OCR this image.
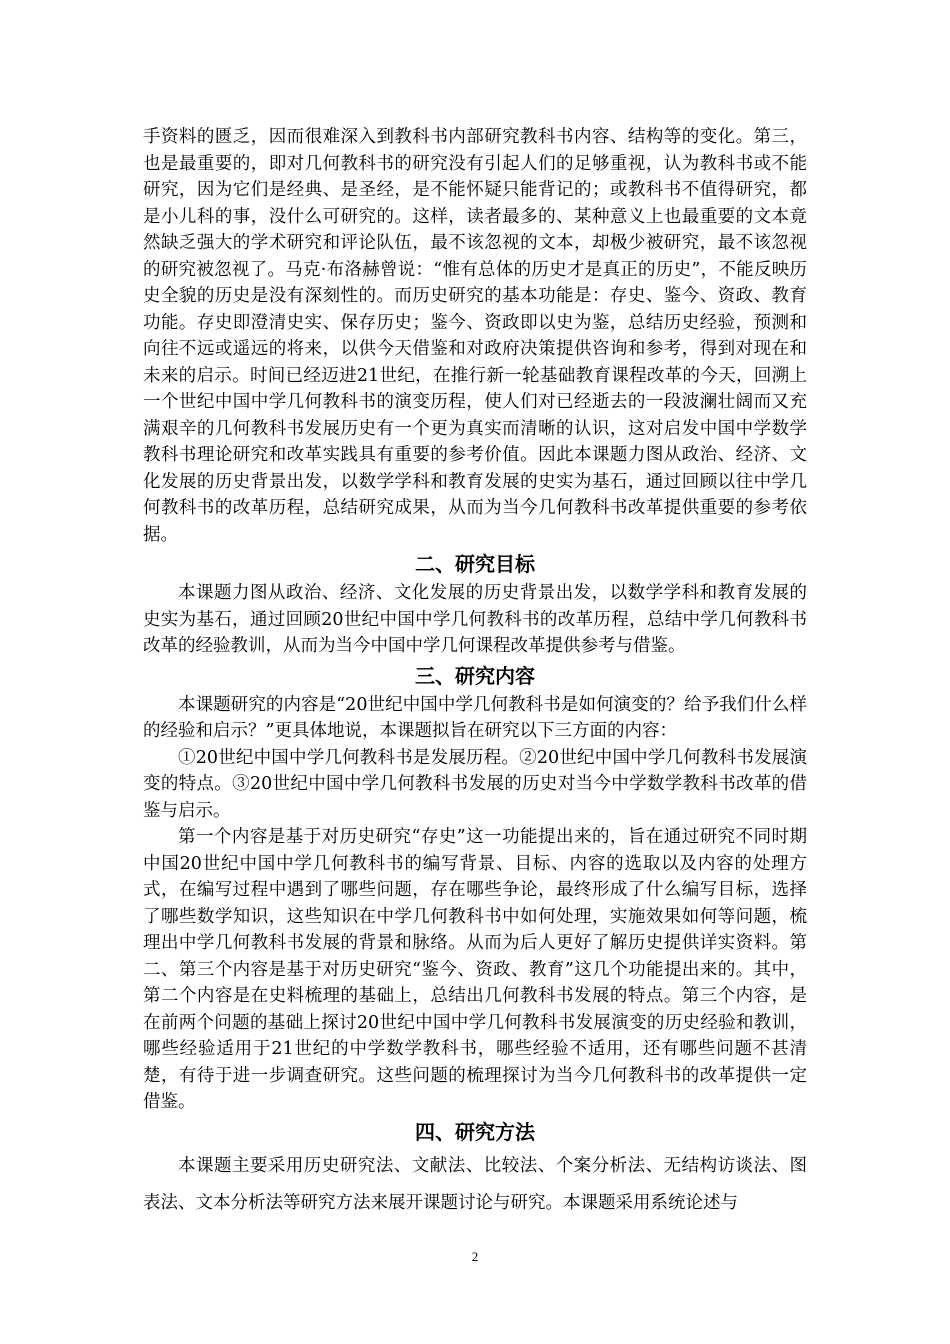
手资料的匮乏，因而很难深入到教科书内部研究教科书内容、结构等的变化。第三，也是最重要的，即对几何教科书的研究没有引起人们的足够重视，认为教科书或不能研究，因为它们是经典、是圣经，是不能怀疑只能背记的；或教科书不值得研究，都是小儿科的事，没什么可研究的。这样，读者最多的、某种意义上也最重要的文本竟然缺乏强大的学术研究和评论队伍，最不该忽视的文本，却极少被研究，最不该忽视的研究被忽视了。马克·布洛赫曾说：“惟有总体的历史才是真正的历史”，不能反映历史全貌的历史是没有深刻性的。而历史研究的基本功能是：存史、鉴今、资政、教育功能。存史即澄清史实、保存历史；鉴今、资政即以史为鉴，总结历史经验，预测和向往不远或遥远的将来，以供今天借鉴和对政府决策提供咨询和参考，得到对现在和未来的启示。时间已经迈进21世纪，在推行新一轮基础教育课程改革的今天，回溯上一个世纪中国中学几何教科书的演变历程，使人们对已经逝去的一段波澜壮阔而又充满艰辛的几何教科书发展历史有一个更为真实而清晰的认识，这对启发中国中学数学教科书理论研究和改革实践具有重要的参考价值。因此本课题力图从政治、经济、文化发展的历史背景出发，以数学学科和教育发展的史实为基石，通过回顾以往中学几何教科书的改革历程，总结研究成果，从而为当今几何教科书改革提供重要的参考依据。

二、研究目标

本课题力图从政治、经济、文化发展的历史背景出发，以数学学科和教育发展的史实为基石，通过回顾20世纪中国中学几何教科书的改革历程，总结中学几何教科书改革的经验教训，从而为当今中国中学几何课程改革提供参考与借鉴。

三、研究内容

本课题研究的内容是“20世纪中国中学几何教科书是如何演变的？给予我们什么样的经验和启示？”更具体地说，本课题拟旨在研究以下三方面的内容：

①20世纪中国中学几何教科书是发展历程。②20世纪中国中学几何教科书发展演变的特点。③20世纪中国中学几何教科书发展的历史对当今中学数学教科书改革的借鉴与启示。

第一个内容是基于对历史研究“存史”这一功能提出来的，旨在通过研究不同时期中国20世纪中国中学几何教科书的编写背景、目标、内容的选取以及内容的处理方式，在编写过程中遇到了哪些问题，存在哪些争论，最终形成了什么编写目标，选择了哪些数学知识，这些知识在中学几何教科书中如何处理，实施效果如何等问题，梳理出中学几何教科书发展的背景和脉络。从而为后人更好了解历史提供详实资料。第二、第三个内容是基于对历史研究“鉴今、资政、教育”这几个功能提出来的。其中，第二个内容是在史料梳理的基础上，总结出几何教科书发展的特点。第三个内容，是在前两个问题的基础上探讨20世纪中国中学几何教科书发展演变的历史经验和教训，哪些经验适用于21世纪的中学数学教科书，哪些经验不适用，还有哪些问题不甚清楚，有待于进一步调查研究。这些问题的梳理探讨为当今几何教科书的改革提供一定借鉴。

四、研究方法

本课题主要采用历史研究法、文献法、比较法、个案分析法、无结构访谈法、图表法、文本分析法等研究方法来展开课题讨论与研究。本课题采用系统论述与

2
